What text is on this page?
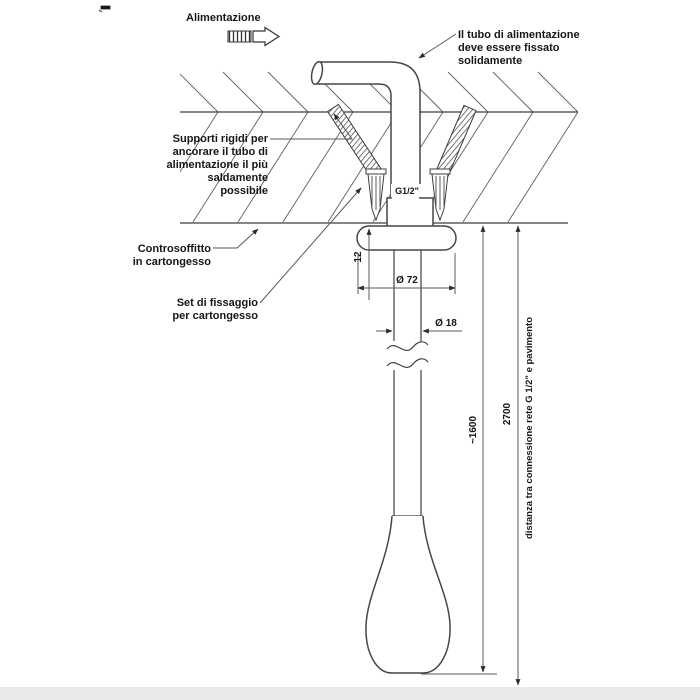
G1/2"
12
Ø 72
Ø 18
~1600
2700 distanza tra connessione rete G 1/2" e pavimento
Alimentazione
Il tubo di alimentazione
deve essere fissato
solidamente
Supporti rigidi per
ancorare il tubo di
alimentazione il più
saldamente
possibile
Controsoffitto
in cartongesso
Set di fissaggio
per cartongesso
